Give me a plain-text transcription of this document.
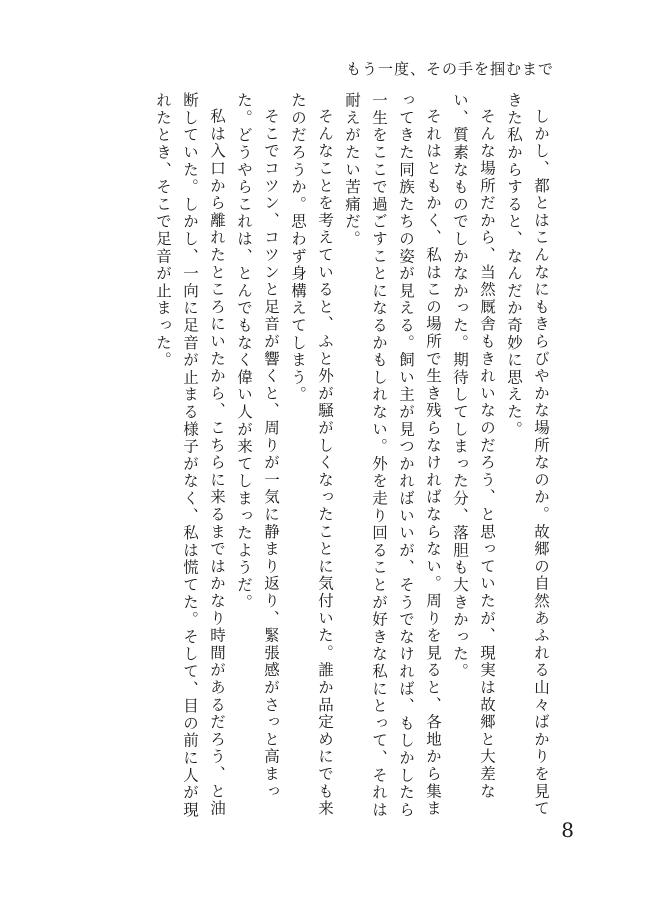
もう一度、その手を掴むまで

しかし、都とはこんなにもきらびやかな場所なのか。故郷の自然あふれる山々ばかりを見てきた私からすると、なんだか奇妙に思えた。

そんな場所だから、当然厩舎もきれいなのだろう、と思っていたが、現実は故郷と大差ない、質素なものでしかなかった。期待してしまった分、落胆も大きかった。

それはともかく、私はこの場所で生き残らなければならない。周りを見ると、各地から集まってきた同族たちの姿が見える。飼い主が見つかればいいが、そうでなければ、もしかしたら一生をここで過ごすことになるかもしれない。外を走り回ることが好きな私にとって、それは耐えがたい苦痛だ。

そんなことを考えていると、ふと外が騒がしくなったことに気付いた。誰か品定めにでも来たのだろうか。思わず身構えてしまう。

そこでコツン、コツンと足音が響くと、周りが一気に静まり返り、緊張感がさっと高まった。どうやらこれは、とんでもなく偉い人が来てしまったようだ。

私は入口から離れたところにいたから、こちらに来るまではかなり時間があるだろう、と油断していた。しかし、一向に足音が止まる様子がなく、私は慌てた。そして、目の前に人が現れたとき、そこで足音が止まった。

8
